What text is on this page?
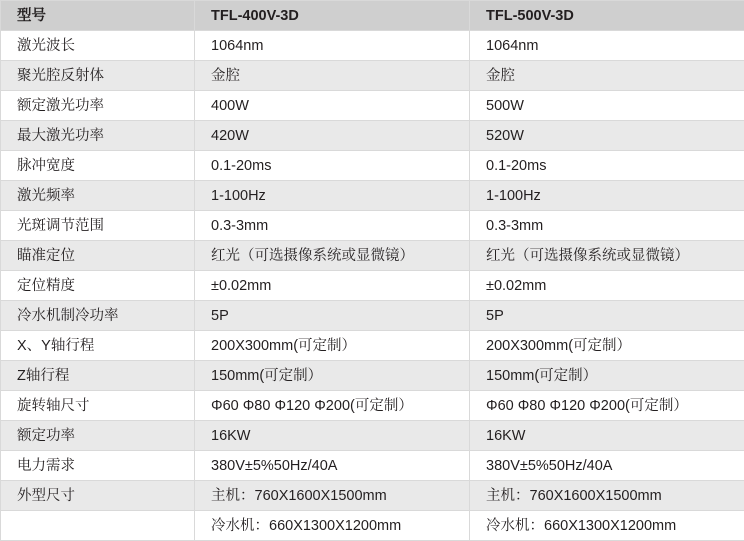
型号	TFL-400V-3D	TFL-500V-3D
激光波长	1064nm	1064nm
聚光腔反射体	金腔	金腔
额定激光功率	400W	500W
最大激光功率	420W	520W
脉冲宽度	0.1-20ms	0.1-20ms
激光频率	1-100Hz	1-100Hz
光斑调节范围	0.3-3mm	0.3-3mm
瞄准定位	红光（可选摄像系统或显微镜）	红光（可选摄像系统或显微镜）
定位精度	±0.02mm	±0.02mm
冷水机制冷功率	5P	5P
X、Y轴行程	200X300mm(可定制）	200X300mm(可定制）
Z轴行程	150mm(可定制）	150mm(可定制）
旋转轴尺寸	Φ60 Φ80 Φ120 Φ200(可定制）	Φ60 Φ80 Φ120 Φ200(可定制）
额定功率	16KW	16KW
电力需求	380V±5%50Hz/40A	380V±5%50Hz/40A
外型尺寸	主机：760X1600X1500mm	主机：760X1600X1500mm
	冷水机：660X1300X1200mm	冷水机：660X1300X1200mm
